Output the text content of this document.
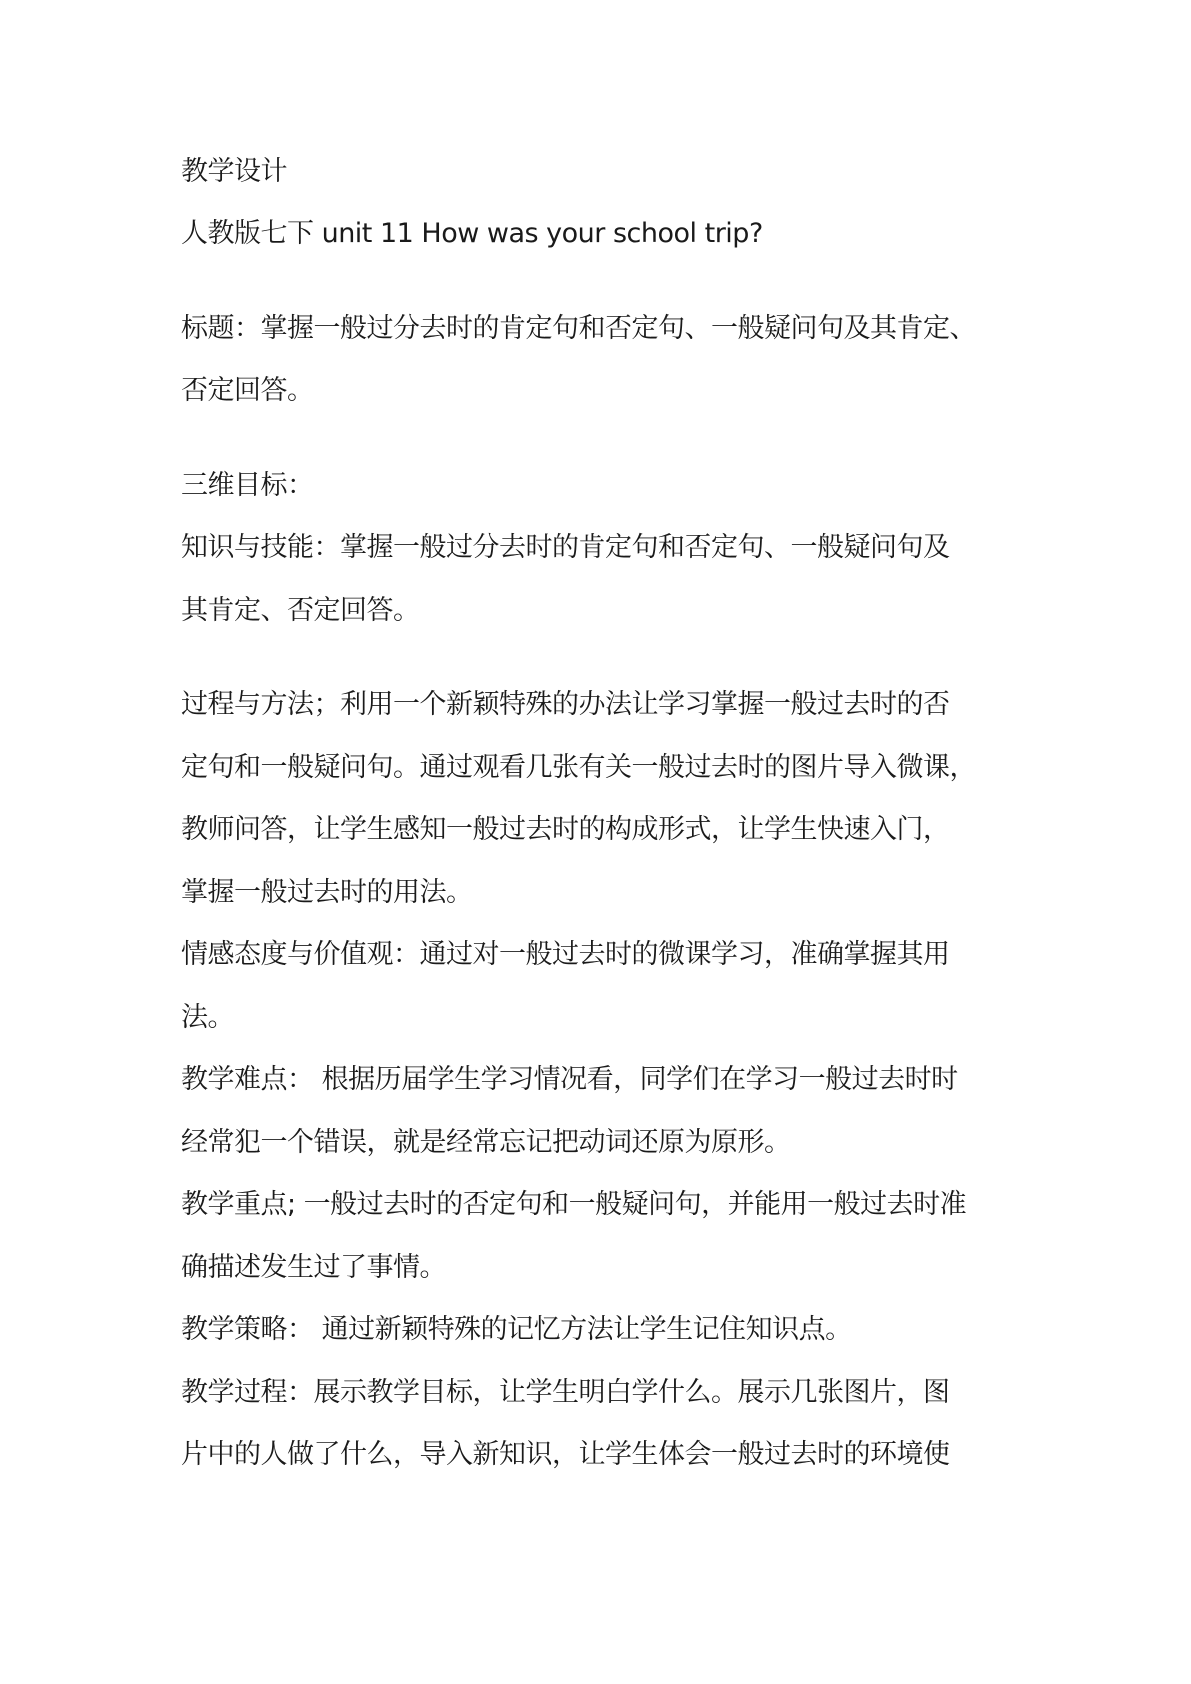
教学设计
人教版七下 unit 11 How was your school trip?
标题：掌握一般过分去时的肯定句和否定句、一般疑问句及其肯定、
否定回答。
三维目标：
知识与技能：掌握一般过分去时的肯定句和否定句、一般疑问句及
其肯定、否定回答。
过程与方法；利用一个新颖特殊的办法让学习掌握一般过去时的否
定句和一般疑问句。通过观看几张有关一般过去时的图片导入微课，
教师问答，让学生感知一般过去时的构成形式，让学生快速入门，
掌握一般过去时的用法。
情感态度与价值观：通过对一般过去时的微课学习，准确掌握其用
法。
教学难点： 根据历届学生学习情况看，同学们在学习一般过去时时
经常犯一个错误，就是经常忘记把动词还原为原形。
教学重点; 一般过去时的否定句和一般疑问句，并能用一般过去时准
确描述发生过了事情。
教学策略： 通过新颖特殊的记忆方法让学生记住知识点。
教学过程：展示教学目标，让学生明白学什么。展示几张图片，图
片中的人做了什么，导入新知识，让学生体会一般过去时的环境使
